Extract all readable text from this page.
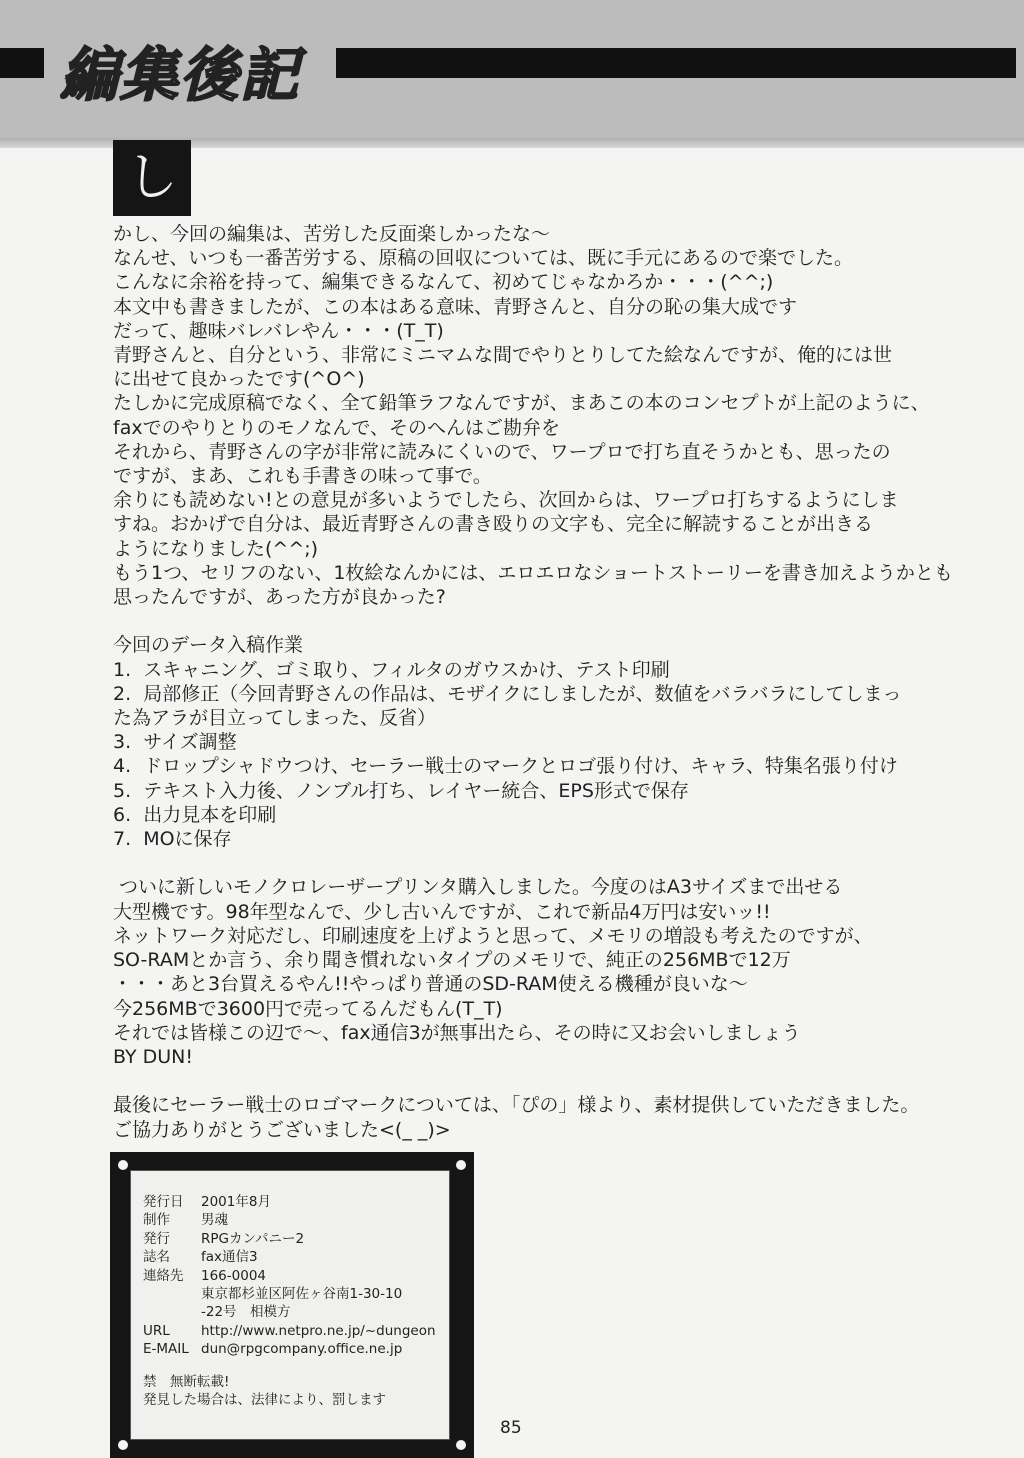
編集後記
し
かし、今回の編集は、苦労した反面楽しかったな～
なんせ、いつも一番苦労する、原稿の回収については、既に手元にあるので楽でした。
こんなに余裕を持って、編集できるなんて、初めてじゃなかろか・・・(^^;)
本文中も書きましたが、この本はある意味、青野さんと、自分の恥の集大成です
だって、趣味バレバレやん・・・(T_T)
青野さんと、自分という、非常にミニマムな間でやりとりしてた絵なんですが、俺的には世
に出せて良かったです(^O^)
たしかに完成原稿でなく、全て鉛筆ラフなんですが、まあこの本のコンセプトが上記のように、
faxでのやりとりのモノなんで、そのへんはご勘弁を
それから、青野さんの字が非常に読みにくいので、ワープロで打ち直そうかとも、思ったの
ですが、まあ、これも手書きの味って事で。
余りにも読めない!との意見が多いようでしたら、次回からは、ワープロ打ちするようにしま
すね。おかげで自分は、最近青野さんの書き殴りの文字も、完全に解読することが出きる
ようになりました(^^;)
もう1つ、セリフのない、1枚絵なんかには、エロエロなショートストーリーを書き加えようかとも
思ったんですが、あった方が良かった?

今回のデータ入稿作業
1.  スキャニング、ゴミ取り、フィルタのガウスかけ、テスト印刷
2.  局部修正（今回青野さんの作品は、モザイクにしましたが、数値をバラバラにしてしまっ
た為アラが目立ってしまった、反省）
3.  サイズ調整
4.  ドロップシャドウつけ、セーラー戦士のマークとロゴ張り付け、キャラ、特集名張り付け
5.  テキスト入力後、ノンブル打ち、レイヤー統合、EPS形式で保存
6.  出力見本を印刷
7.  MOに保存

ついに新しいモノクロレーザープリンタ購入しました。今度のはA3サイズまで出せる
大型機です。98年型なんで、少し古いんですが、これで新品4万円は安いッ!!
ネットワーク対応だし、印刷速度を上げようと思って、メモリの増設も考えたのですが、
SO-RAMとか言う、余り聞き慣れないタイプのメモリで、純正の256MBで12万
・・・あと3台買えるやん!!やっぱり普通のSD-RAM使える機種が良いな～
今256MBで3600円で売ってるんだもん(T_T)
それでは皆様この辺で～、fax通信3が無事出たら、その時に又お会いしましょう
BY DUN!

最後にセーラー戦士のロゴマークについては、「ぴの」様より、素材提供していただきました。
ご協力ありがとうございました<(_ _)>
発行日	2001年8月
制作	男魂
発行	RPGカンパニー2
誌名	fax通信3
連絡先	166-0004
東京都杉並区阿佐ヶ谷南1-30-10
-22号　相模方
URL	http://www.netpro.ne.jp/~dungeon
E-MAIL dun@rpgcompany.office.ne.jp
禁　無断転載!
発見した場合は、法律により、罰します
85
